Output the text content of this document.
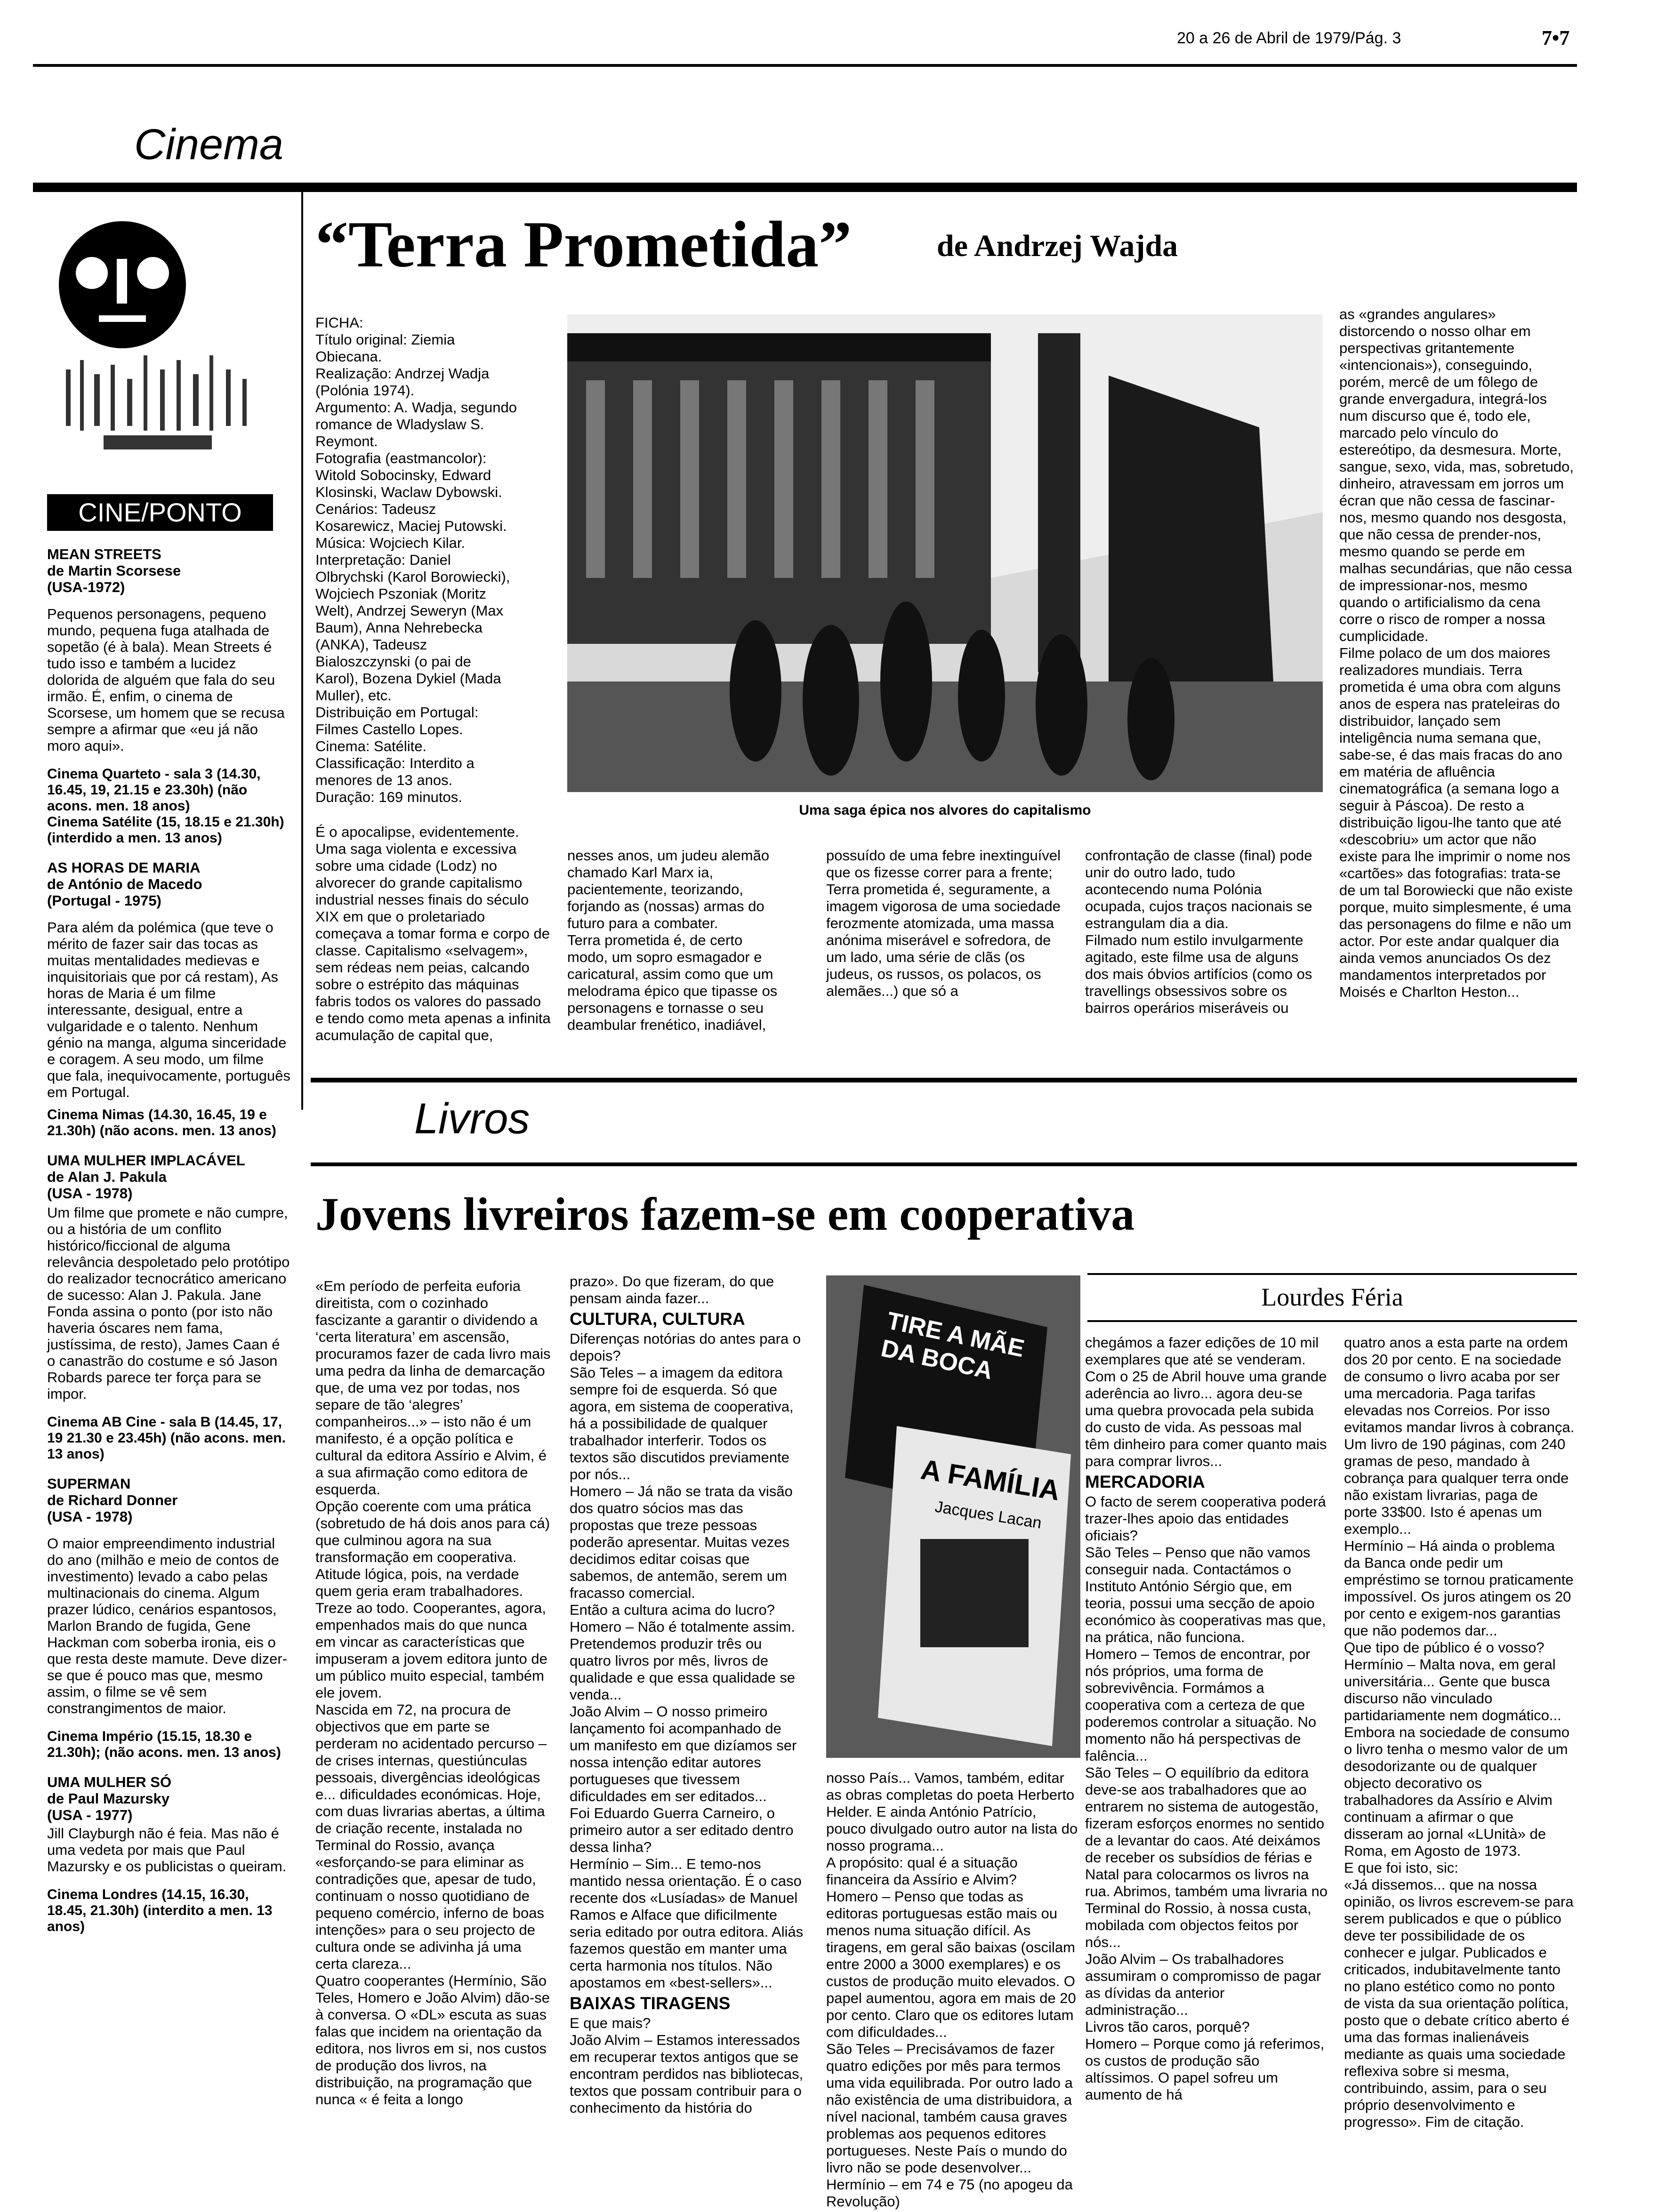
20 a 26 de Abril de 1979/Pág. 3	7•7
Cinema
CINE/PONTO
MEAN STREETS
de Martin Scorsese
(USA-1972)
Pequenos personagens, pequeno mundo, pequena fuga atalhada de sopetão (é à bala). Mean Streets é tudo isso e também a lucidez dolorida de alguém que fala do seu irmão. É, enfim, o cinema de Scorsese, um homem que se recusa sempre a afirmar que «eu já não moro aqui».
Cinema Quarteto - sala 3 (14.30, 16.45, 19, 21.15 e 23.30h) (não acons. men. 18 anos)
Cinema Satélite (15, 18.15 e 21.30h) (interdido a men. 13 anos)
AS HORAS DE MARIA
de António de Macedo
(Portugal - 1975)
Para além da polémica (que teve o mérito de fazer sair das tocas as muitas mentalidades medievas e inquisitoriais que por cá restam), As horas de Maria é um filme interessante, desigual, entre a vulgaridade e o talento. Nenhum génio na manga, alguma sinceridade e coragem. A seu modo, um filme que fala, inequivocamente, português em Portugal.
Cinema Nimas (14.30, 16.45, 19 e 21.30h) (não acons. men. 13 anos)
UMA MULHER IMPLACÁVEL
de Alan J. Pakula
(USA - 1978)
Um filme que promete e não cumpre, ou a história de um conflito histórico/ficcional de alguma relevância despoletado pelo protótipo do realizador tecnocrático americano de sucesso: Alan J. Pakula. Jane Fonda assina o ponto (por isto não haveria óscares nem fama, justíssima, de resto), James Caan é o canastrão do costume e só Jason Robards parece ter força para se impor.
Cinema AB Cine - sala B (14.45, 17, 19 21.30 e 23.45h) (não acons. men. 13 anos)
SUPERMAN
de Richard Donner
(USA - 1978)
O maior empreendimento industrial do ano (milhão e meio de contos de investimento) levado a cabo pelas multinacionais do cinema. Algum prazer lúdico, cenários espantosos, Marlon Brando de fugida, Gene Hackman com soberba ironia, eis o que resta deste mamute. Deve dizer-se que é pouco mas que, mesmo assim, o filme se vê sem constrangimentos de maior.
Cinema Império (15.15, 18.30 e 21.30h); (não acons. men. 13 anos)
UMA MULHER SÓ
de Paul Mazursky
(USA - 1977)
Jill Clayburgh não é feia. Mas não é uma vedeta por mais que Paul Mazursky e os publicistas o queiram.
Cinema Londres (14.15, 16.30, 18.45, 21.30h) (interdito a men. 13 anos)
“Terra Prometida”	de Andrzej Wajda
FICHA:
Título original: Ziemia Obiecana.
Realização: Andrzej Wadja (Polónia 1974).
Argumento: A. Wadja, segundo romance de Wladyslaw S. Reymont.
Fotografia (eastmancolor): Witold Sobocinsky, Edward Klosinski, Waclaw Dybowski.
Cenários: Tadeusz Kosarewicz, Maciej Putowski.
Música: Wojciech Kilar.
Interpretação: Daniel Olbrychski (Karol Borowiecki), Wojciech Pszoniak (Moritz Welt), Andrzej Seweryn (Max Baum), Anna Nehrebecka (ANKA), Tadeusz Bialoszczynski (o pai de Karol), Bozena Dykiel (Mada Muller), etc.
Distribuição em Portugal: Filmes Castello Lopes.
Cinema: Satélite.
Classificação: Interdito a menores de 13 anos.
Duração: 169 minutos.
É o apocalipse, evidentemente. Uma saga violenta e excessiva sobre uma cidade (Lodz) no alvorecer do grande capitalismo industrial nesses finais do século XIX em que o proletariado começava a tomar forma e corpo de classe. Capitalismo «selvagem», sem rédeas nem peias, calcando sobre o estrépito das máquinas fabris todos os valores do passado e tendo como meta apenas a infinita acumulação de capital que,
Uma saga épica nos alvores do capitalismo
nesses anos, um judeu alemão chamado Karl Marx ia, pacientemente, teorizando, forjando as (nossas) armas do futuro para a combater.
Terra prometida é, de certo modo, um sopro esmagador e caricatural, assim como que um melodrama épico que tipasse os personagens e tornasse o seu deambular frenético, inadiável,
possuído de uma febre inextinguível que os fizesse correr para a frente; Terra prometida é, seguramente, a imagem vigorosa de uma sociedade ferozmente atomizada, uma massa anónima miserável e sofredora, de um lado, uma série de clãs (os judeus, os russos, os polacos, os alemães...) que só a
confrontação de classe (final) pode unir do outro lado, tudo acontecendo numa Polónia ocupada, cujos traços nacionais se estrangulam dia a dia.
Filmado num estilo invulgarmente agitado, este filme usa de alguns dos mais óbvios artifícios (como os travellings obsessivos sobre os bairros operários miseráveis ou
as «grandes angulares» distorcendo o nosso olhar em perspectivas gritantemente «intencionais»), conseguindo, porém, mercê de um fôlego de grande envergadura, integrá-los num discurso que é, todo ele, marcado pelo vínculo do estereótipo, da desmesura. Morte, sangue, sexo, vida, mas, sobretudo, dinheiro, atravessam em jorros um écran que não cessa de fascinar-nos, mesmo quando nos desgosta, que não cessa de prender-nos, mesmo quando se perde em malhas secundárias, que não cessa de impressionar-nos, mesmo quando o artificialismo da cena corre o risco de romper a nossa cumplicidade.
Filme polaco de um dos maiores realizadores mundiais. Terra prometida é uma obra com alguns anos de espera nas prateleiras do distribuidor, lançado sem inteligência numa semana que, sabe-se, é das mais fracas do ano em matéria de afluência cinematográfica (a semana logo a seguir à Páscoa). De resto a distribuição ligou-lhe tanto que até «descobriu» um actor que não existe para lhe imprimir o nome nos «cartões» das fotografias: trata-se de um tal Borowiecki que não existe porque, muito simplesmente, é uma das personagens do filme e não um actor. Por este andar qualquer dia ainda vemos anunciados Os dez mandamentos interpretados por Moisés e Charlton Heston...
Livros
Jovens livreiros fazem-se em cooperativa
Lourdes Féria
«Em período de perfeita euforia direitista, com o cozinhado fascizante a garantir o dividendo a ‘certa literatura’ em ascensão, procuramos fazer de cada livro mais uma pedra da linha de demarcação que, de uma vez por todas, nos separe de tão ‘alegres’ companheiros...» – isto não é um manifesto, é a opção política e cultural da editora Assírio e Alvim, é a sua afirmação como editora de esquerda.
Opção coerente com uma prática (sobretudo de há dois anos para cá) que culminou agora na sua transformação em cooperativa. Atitude lógica, pois, na verdade quem geria eram trabalhadores. Treze ao todo. Cooperantes, agora, empenhados mais do que nunca em vincar as características que impuseram a jovem editora junto de um público muito especial, também ele jovem.
Nascida em 72, na procura de objectivos que em parte se perderam no acidentado percurso – de crises internas, questiúnculas pessoais, divergências ideológicas e... dificuldades económicas. Hoje, com duas livrarias abertas, a última de criação recente, instalada no Terminal do Rossio, avança «esforçando-se para eliminar as contradições que, apesar de tudo, continuam o nosso quotidiano de pequeno comércio, inferno de boas intenções» para o seu projecto de cultura onde se adivinha já uma certa clareza...
Quatro cooperantes (Hermínio, São Teles, Homero e João Alvim) dão-se à conversa. O «DL» escuta as suas falas que incidem na orientação da editora, nos livros em si, nos custos de produção dos livros, na distribuição, na programação que nunca « é feita a longo
prazo». Do que fizeram, do que pensam ainda fazer...
CULTURA, CULTURA
Diferenças notórias do antes para o depois?
São Teles – a imagem da editora sempre foi de esquerda. Só que agora, em sistema de cooperativa, há a possibilidade de qualquer trabalhador interferir. Todos os textos são discutidos previamente por nós...
Homero – Já não se trata da visão dos quatro sócios mas das propostas que treze pessoas poderão apresentar. Muitas vezes decidimos editar coisas que sabemos, de antemão, serem um fracasso comercial.
Então a cultura acima do lucro?
Homero – Não é totalmente assim. Pretendemos produzir três ou quatro livros por mês, livros de qualidade e que essa qualidade se venda...
João Alvim – O nosso primeiro lançamento foi acompanhado de um manifesto em que dizíamos ser nossa intenção editar autores portugueses que tivessem dificuldades em ser editados...
Foi Eduardo Guerra Carneiro, o primeiro autor a ser editado dentro dessa linha?
Hermínio – Sim... E temo-nos mantido nessa orientação. É o caso recente dos «Lusíadas» de Manuel Ramos e Alface que dificilmente seria editado por outra editora. Aliás fazemos questão em manter uma certa harmonia nos títulos. Não apostamos em «best-sellers»...
BAIXAS TIRAGENS
E que mais?
João Alvim – Estamos interessados em recuperar textos antigos que se encontram perdidos nas bibliotecas, textos que possam contribuir para o conhecimento da história do
TIRE A MÃE DA BOCA
A FAMÍLIA
Jacques Lacan
nosso País... Vamos, também, editar as obras completas do poeta Herberto Helder. E ainda António Patrício, pouco divulgado outro autor na lista do nosso programa...
A propósito: qual é a situação financeira da Assírio e Alvim?
Homero – Penso que todas as editoras portuguesas estão mais ou menos numa situação difícil. As tiragens, em geral são baixas (oscilam entre 2000 a 3000 exemplares) e os custos de produção muito elevados. O papel aumentou, agora em mais de 20 por cento. Claro que os editores lutam com dificuldades...
São Teles – Precisávamos de fazer quatro edições por mês para termos uma vida equilibrada. Por outro lado a não existência de uma distribuidora, a nível nacional, também causa graves problemas aos pequenos editores portugueses. Neste País o mundo do livro não se pode desenvolver...
Hermínio – em 74 e 75 (no apogeu da Revolução)
chegámos a fazer edições de 10 mil exemplares que até se venderam. Com o 25 de Abril houve uma grande aderência ao livro... agora deu-se uma quebra provocada pela subida do custo de vida. As pessoas mal têm dinheiro para comer quanto mais para comprar livros...
MERCADORIA
O facto de serem cooperativa poderá trazer-lhes apoio das entidades oficiais?
São Teles – Penso que não vamos conseguir nada. Contactámos o Instituto António Sérgio que, em teoria, possui uma secção de apoio económico às cooperativas mas que, na prática, não funciona.
Homero – Temos de encontrar, por nós próprios, uma forma de sobrevivência. Formámos a cooperativa com a certeza de que poderemos controlar a situação. No momento não há perspectivas de falência...
São Teles – O equilíbrio da editora deve-se aos trabalhadores que ao entrarem no sistema de autogestão, fizeram esforços enormes no sentido de a levantar do caos. Até deixámos de receber os subsídios de férias e Natal para colocarmos os livros na rua. Abrimos, também uma livraria no Terminal do Rossio, à nossa custa, mobilada com objectos feitos por nós...
João Alvim – Os trabalhadores assumiram o compromisso de pagar as dívidas da anterior administração...
Livros tão caros, porquê?
Homero – Porque como já referimos, os custos de produção são altíssimos. O papel sofreu um aumento de há
quatro anos a esta parte na ordem dos 20 por cento. E na sociedade de consumo o livro acaba por ser uma mercadoria. Paga tarifas elevadas nos Correios. Por isso evitamos mandar livros à cobrança. Um livro de 190 páginas, com 240 gramas de peso, mandado à cobrança para qualquer terra onde não existam livrarias, paga de porte 33$00. Isto é apenas um exemplo...
Hermínio – Há ainda o problema da Banca onde pedir um empréstimo se tornou praticamente impossível. Os juros atingem os 20 por cento e exigem-nos garantias que não podemos dar...
Que tipo de público é o vosso?
Hermínio – Malta nova, em geral universitária... Gente que busca discurso não vinculado partidariamente nem dogmático... Embora na sociedade de consumo o livro tenha o mesmo valor de um desodorizante ou de qualquer objecto decorativo os trabalhadores da Assírio e Alvim continuam a afirmar o que disseram ao jornal «LUnità» de Roma, em Agosto de 1973.
E que foi isto, sic:
«Já dissemos... que na nossa opinião, os livros escrevem-se para serem publicados e que o público deve ter possibilidade de os conhecer e julgar. Publicados e criticados, indubitavelmente tanto no plano estético como no ponto de vista da sua orientação política, posto que o debate crítico aberto é uma das formas inalienáveis mediante as quais uma sociedade reflexiva sobre si mesma, contribuindo, assim, para o seu próprio desenvolvimento e progresso». Fim de citação.
